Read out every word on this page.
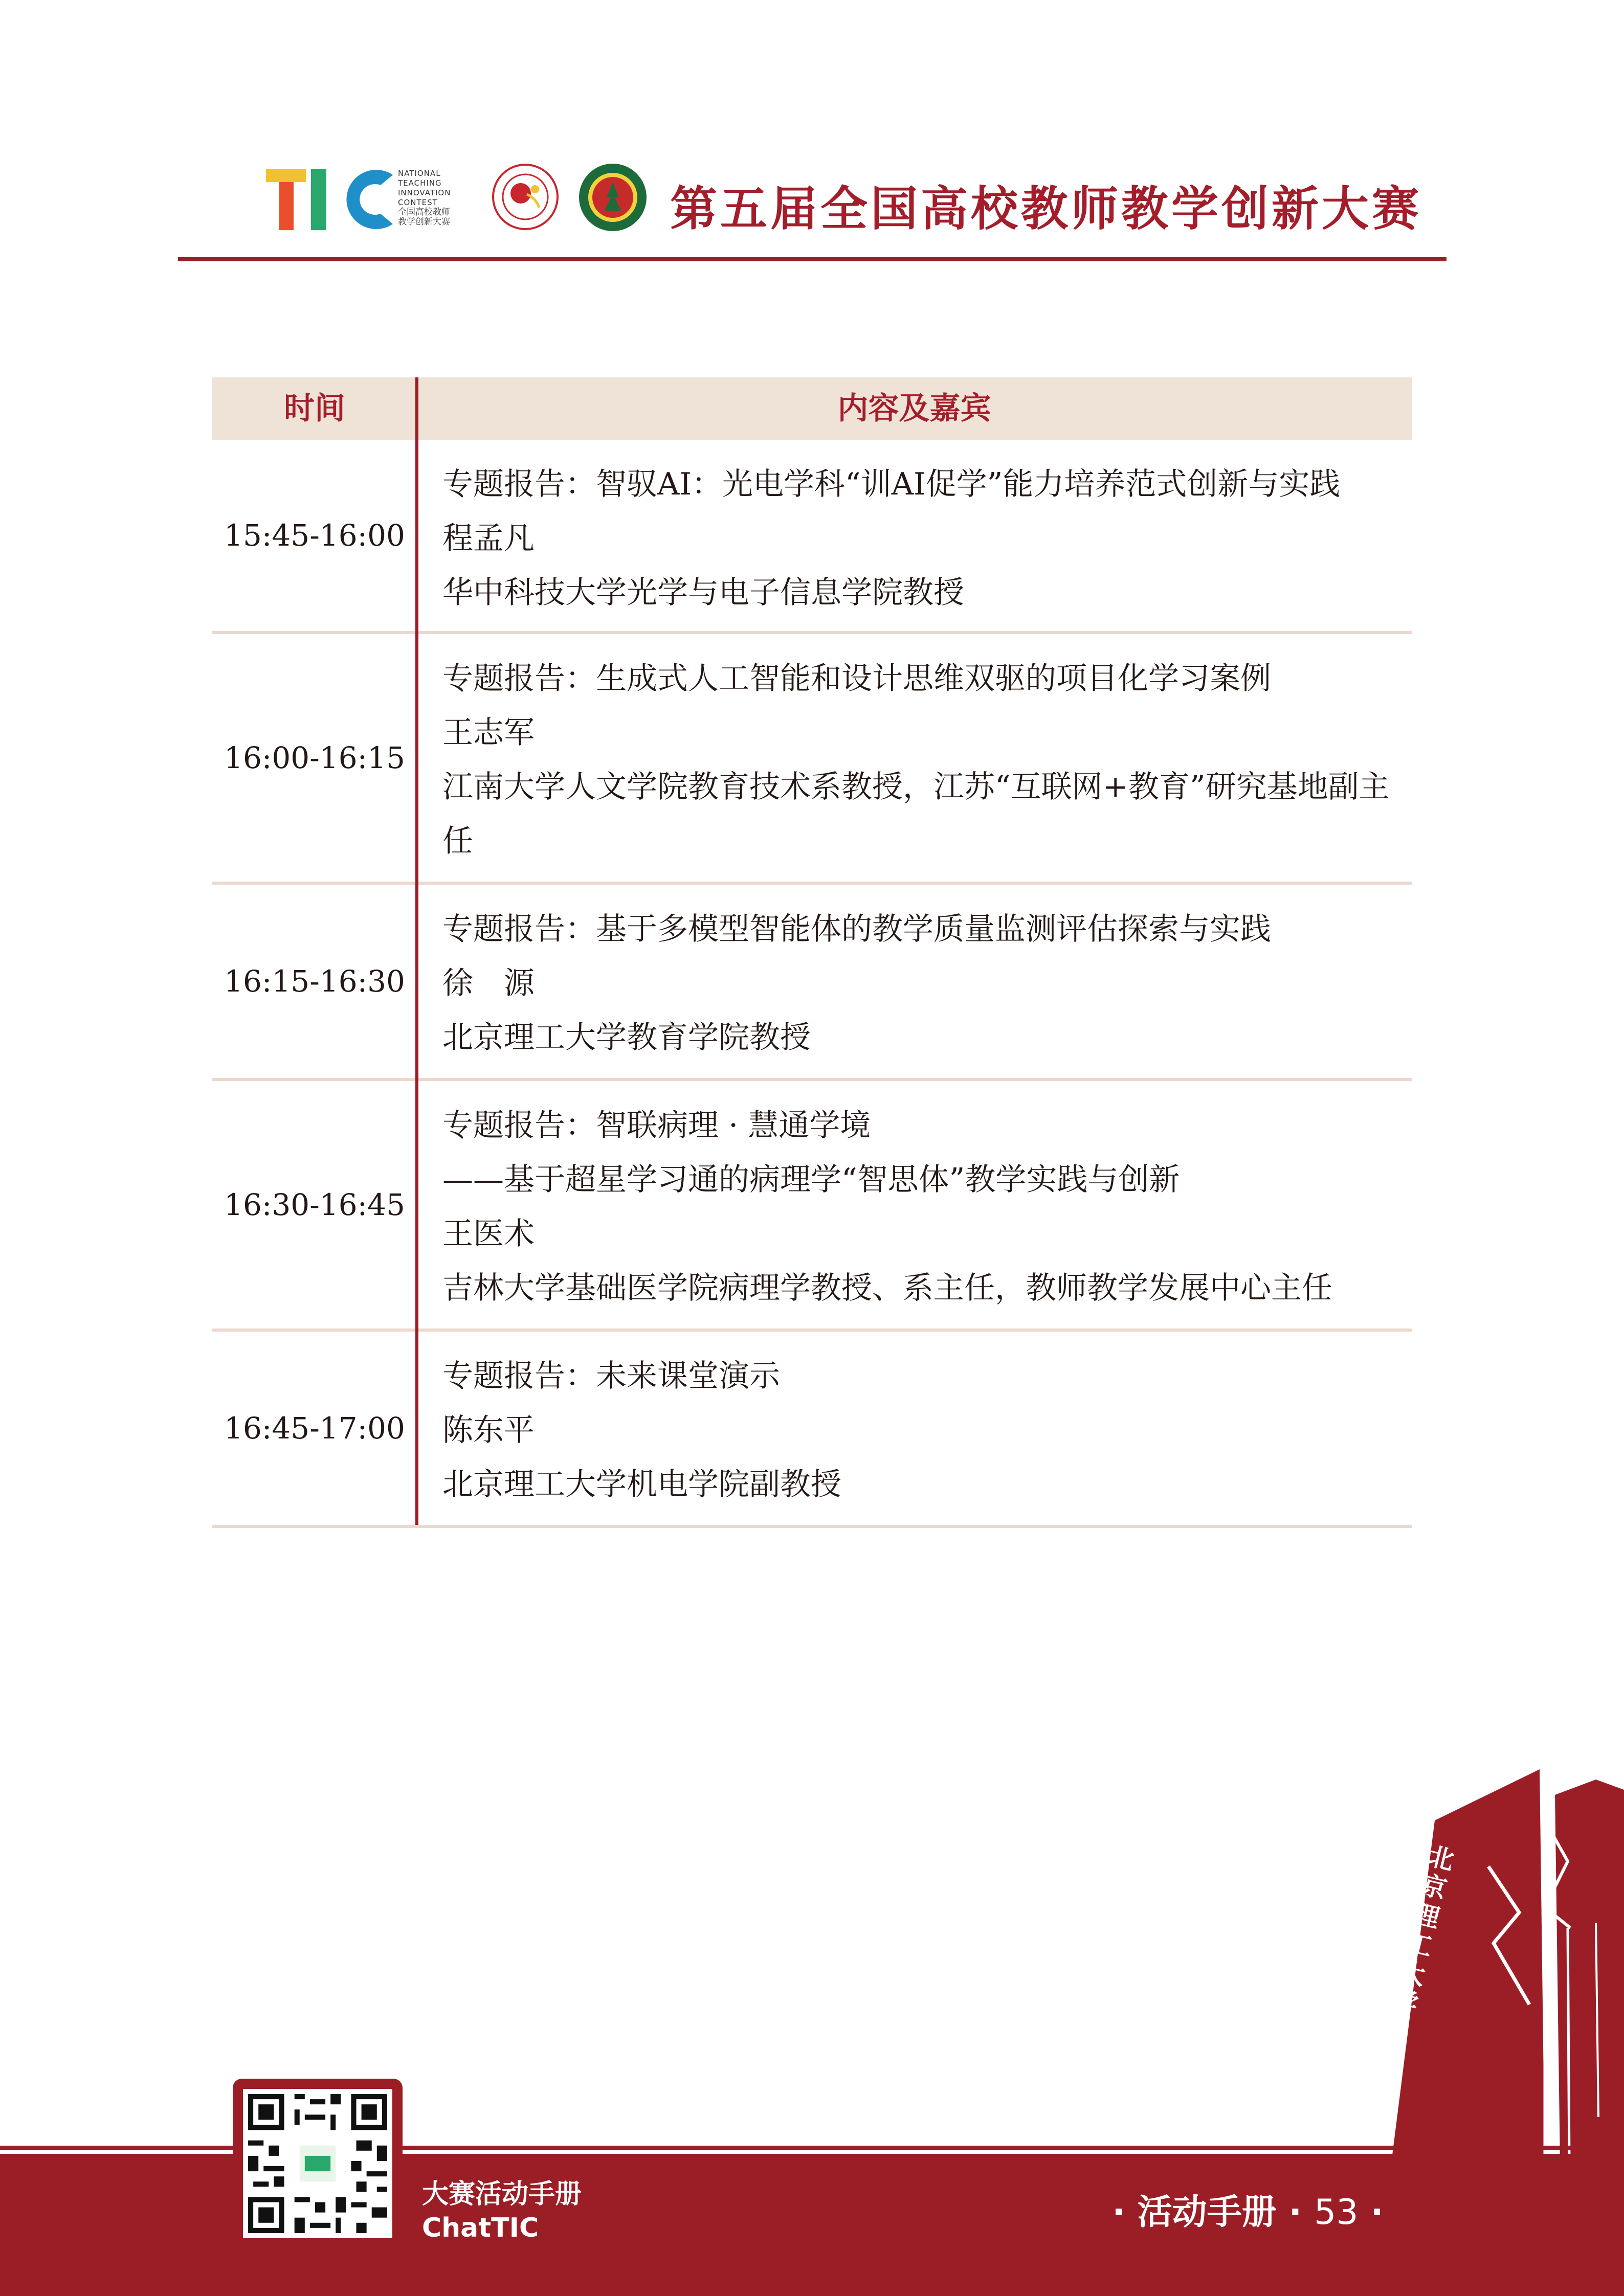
NATIONAL
TEACHING
INNOVATION
CONTEST
全国高校教师
教学创新大赛	第五届全国高校教师教学创新大赛
时间	内容及嘉宾
15:45-16:00
专题报告：智驭AI：光电学科“训AI促学”能力培养范式创新与实践
程孟凡
华中科技大学光学与电子信息学院教授
16:00-16:15
专题报告：生成式人工智能和设计思维双驱的项目化学习案例
王志军
江南大学人文学院教育技术系教授，江苏“互联网+教育”研究基地副主任
16:15-16:30
专题报告：基于多模型智能体的教学质量监测评估探索与实践
徐　源
北京理工大学教育学院教授
16:30-16:45
专题报告：智联病理 · 慧通学境
——基于超星学习通的病理学“智思体”教学实践与创新
王医术
吉林大学基础医学院病理学教授、系主任，教师教学发展中心主任
16:45-17:00
专题报告：未来课堂演示
陈东平
北京理工大学机电学院副教授
北京理工大学
大赛活动手册
ChatTIC	· 活动手册 · 53 ·
